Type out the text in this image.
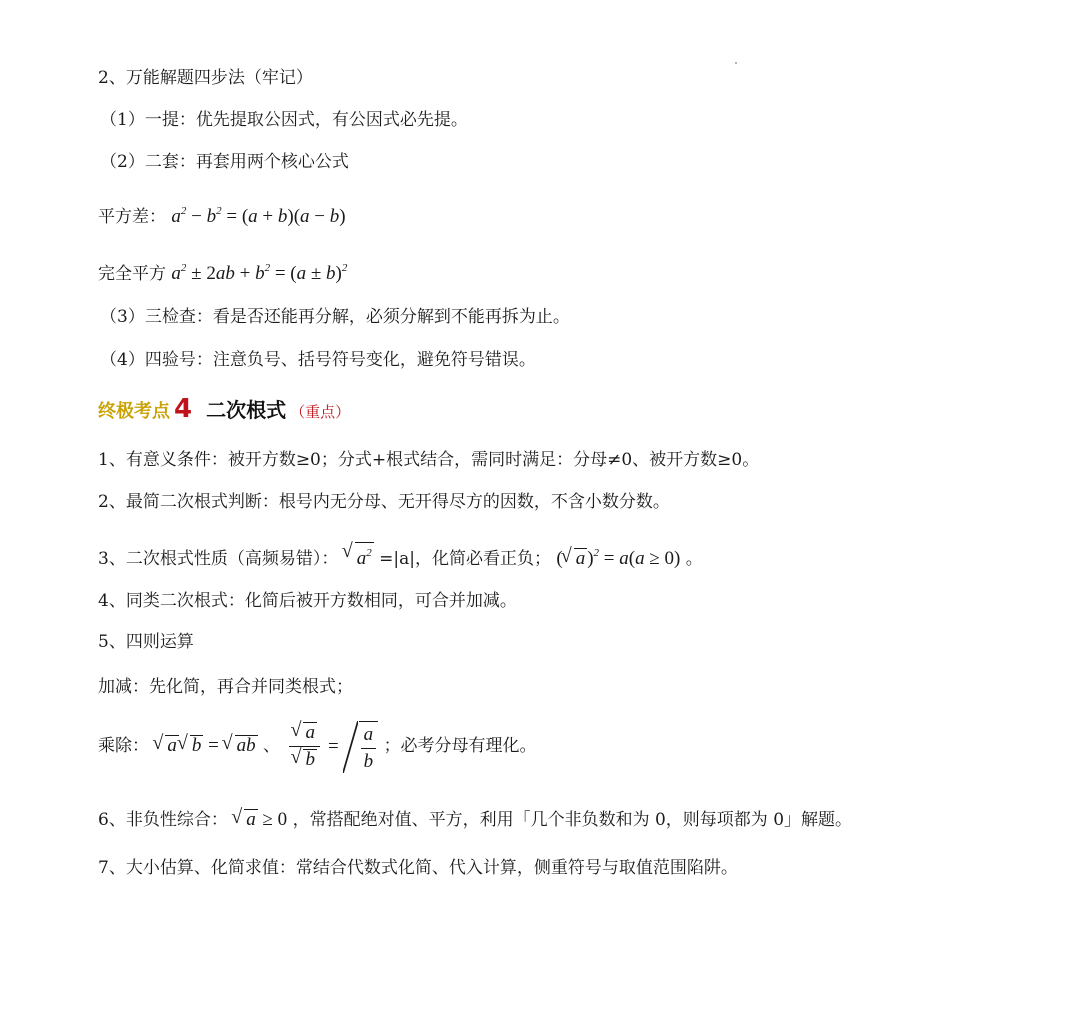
2、万能解题四步法（牢记）
（1）一提：优先提取公因式，有公因式必先提。
（2）二套：再套用两个核心公式
平方差： $a^2 - b^2 = (a + b)(a - b)$
完全平方 $a^2 \pm 2ab + b^2 = (a \pm b)^2$
（3）三检查：看是否还能再分解，必须分解到不能再拆为止。
（4）四验号：注意负号、括号符号变化，避免符号错误。
终极考点 4 二次根式 （重点）
1、有意义条件：被开方数≥0；分式+根式结合，需同时满足：分母≠0、被开方数≥0。
2、最简二次根式判断：根号内无分母、无开得尽方的因数，不含小数分数。
3、二次根式性质（高频易错）： √ $a^2 =|a|$，化简必看正负； ( √ a )$^2$ = a(a ≥ 0) 。
4、同类二次根式：化简后被开方数相同，可合并加减。
5、四则运算
加减：先化简，再合并同类根式；
乘除： √ a √ b = √ ab 、 √ a
√ $b = \frac{a}{b}$ ；必考分母有理化。
6、非负性综合： √ a ≥ 0 ，常搭配绝对值、平方，利用「几个非负数和为 0，则每项都为 0」解题。
7、大小估算、化简求值：常结合代数式化简、代入计算，侧重符号与取值范围陷阱。
